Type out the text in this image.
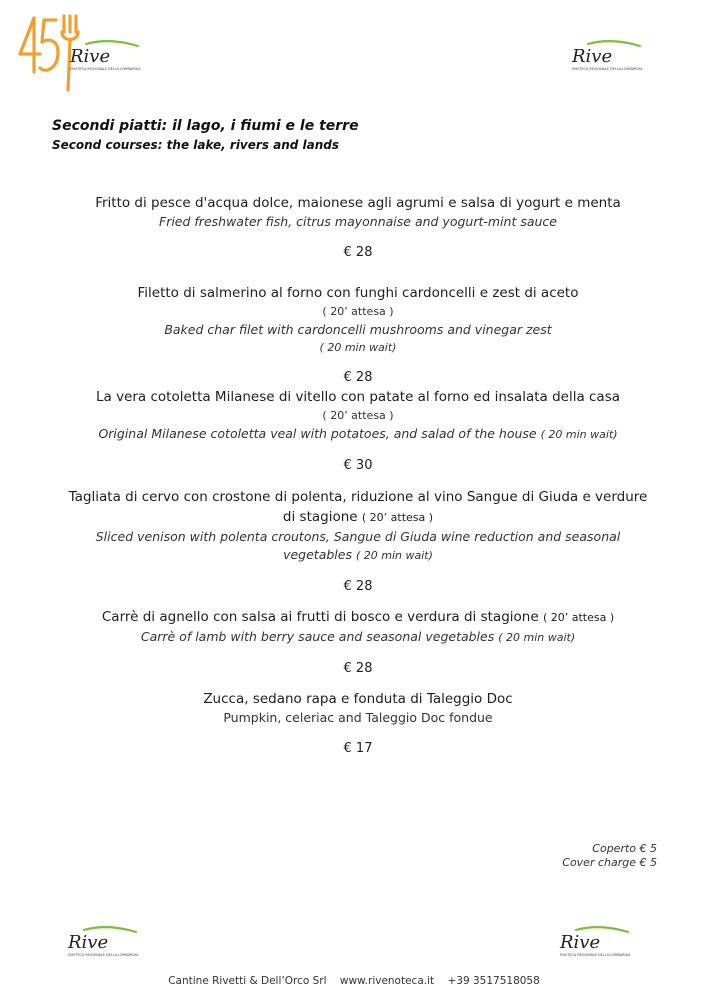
Rive
ENOTECA REGIONALE DELLA LOMBARDIA
Rive
ENOTECA REGIONALE DELLA LOMBARDIA

Secondi piatti: il lago, i fiumi e le terre

Second courses: the lake, rivers and lands

Fritto di pesce d'acqua dolce, maionese agli agrumi e salsa di yogurt e menta

Fried freshwater fish, citrus mayonnaise and yogurt-mint sauce

€ 28

Filetto di salmerino al forno con funghi cardoncelli e zest di aceto

( 20’ attesa )

Baked char filet with cardoncelli mushrooms and vinegar zest

( 20 min wait)

€ 28

La vera cotoletta Milanese di vitello con patate al forno ed insalata della casa

( 20’ attesa )

Original Milanese cotoletta veal with potatoes, and salad of the house ( 20 min wait)

€ 30

Tagliata di cervo con crostone di polenta, riduzione al vino Sangue di Giuda e verdure

di stagione ( 20’ attesa )

Sliced venison with polenta croutons, Sangue di Giuda wine reduction and seasonal

vegetables ( 20 min wait)

€ 28

Carrè di agnello con salsa ai frutti di bosco e verdura di stagione ( 20’ attesa )

Carrè of lamb with berry sauce and seasonal vegetables ( 20 min wait)

€ 28

Zucca, sedano rapa e fonduta di Taleggio Doc

Pumpkin, celeriac and Taleggio Doc fondue

€ 17

Coperto € 5
Cover charge € 5
Rive
ENOTECA REGIONALE DELLA LOMBARDIA
Rive
ENOTECA REGIONALE DELLA LOMBARDIA
Cantine Rivetti & Dell’Orco Srl www.rivenoteca.it +39 3517518058
